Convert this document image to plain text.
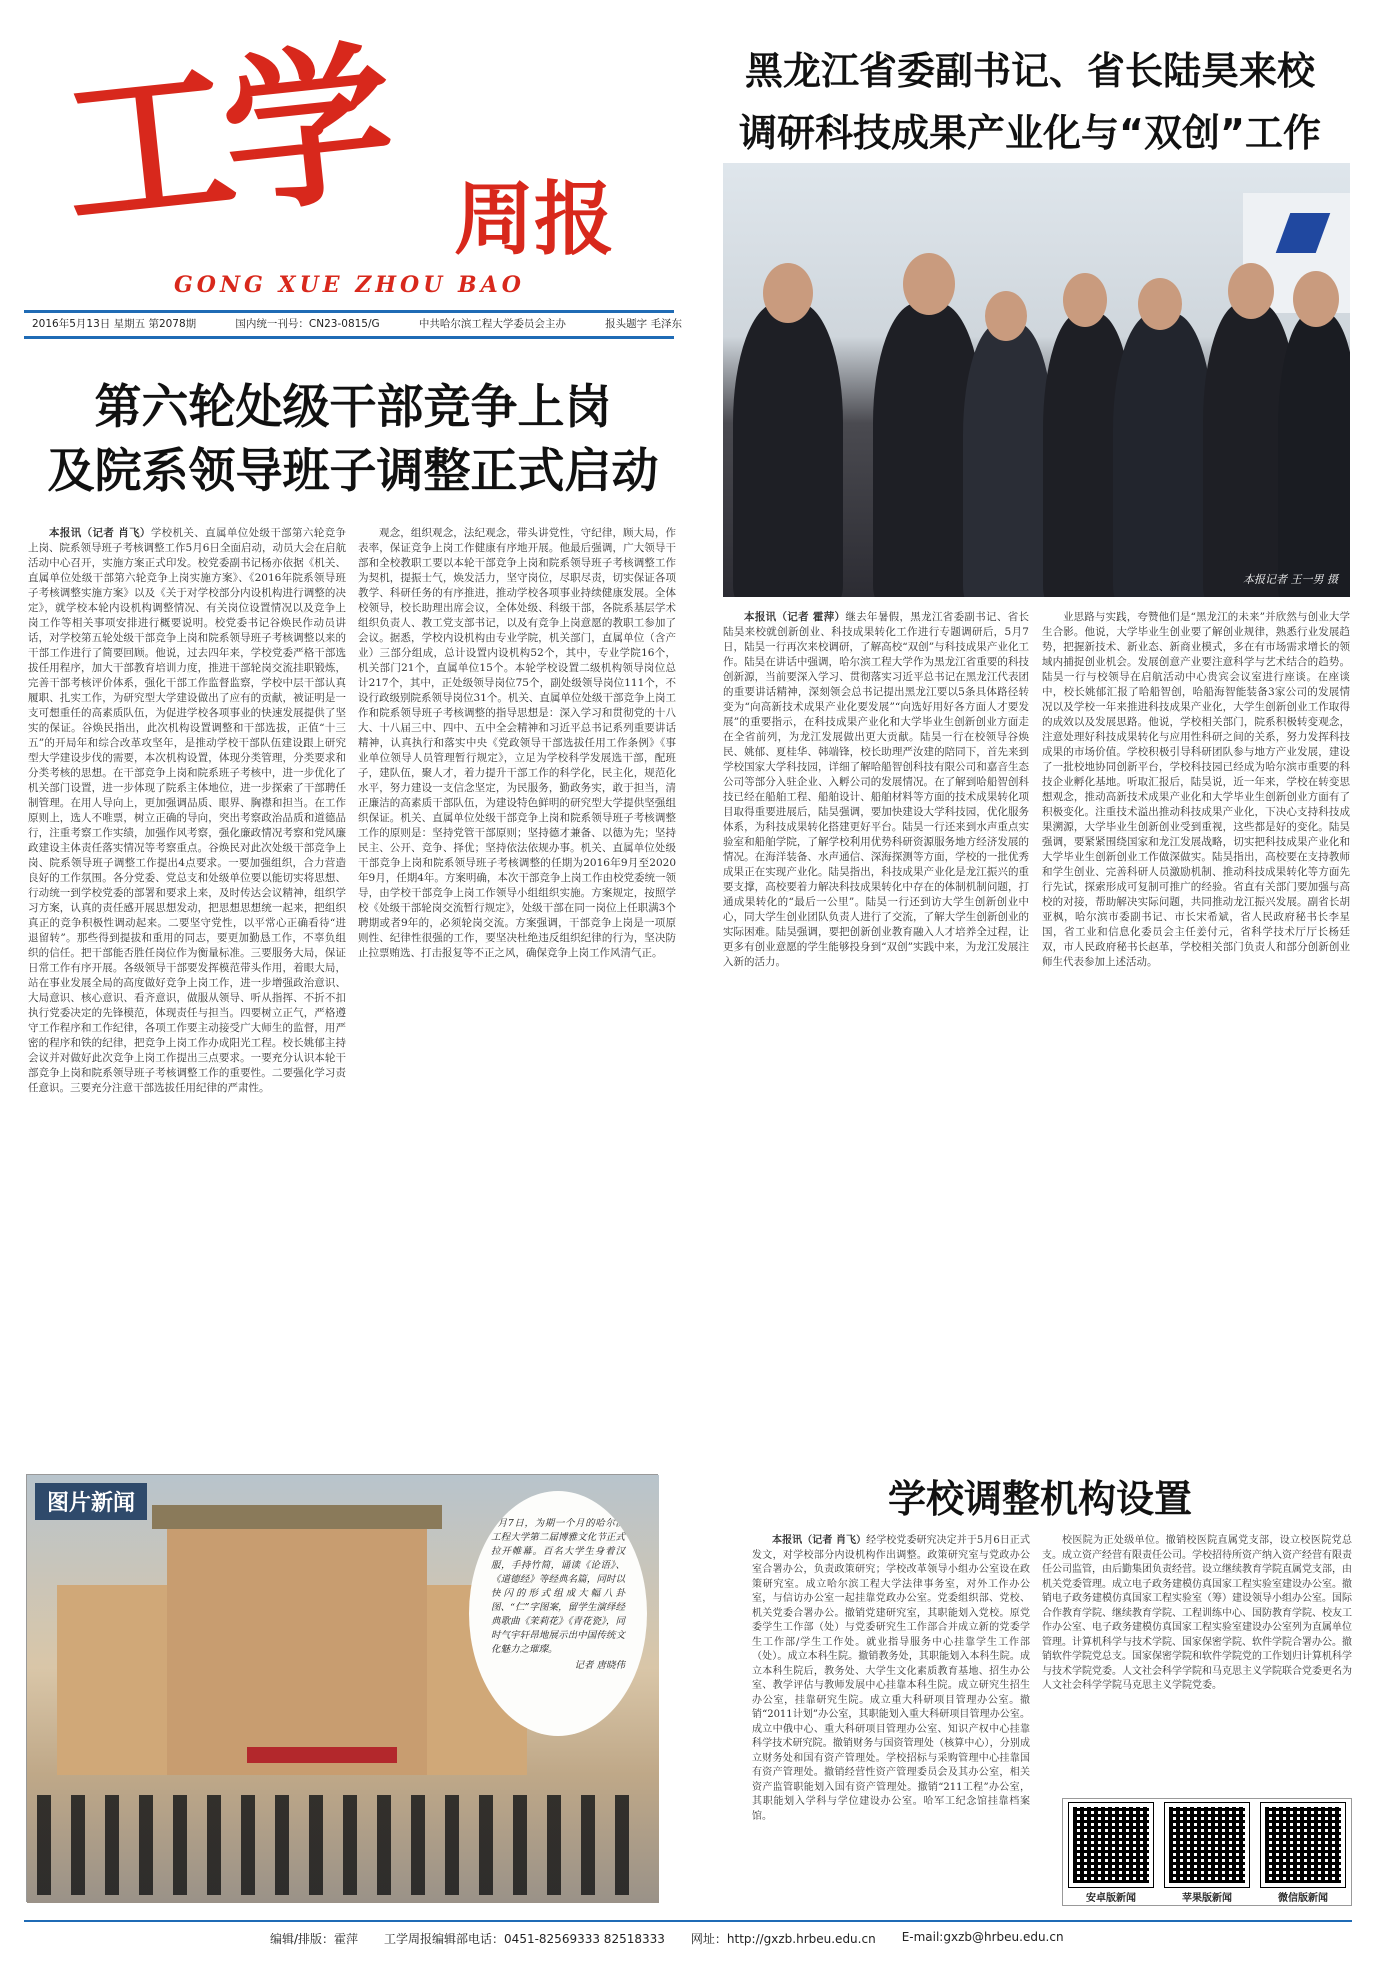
工学 周报
GONG XUE ZHOU BAO
2016年5月13日 星期五 第2078期	国内统一刊号：CN23-0815/G	中共哈尔滨工程大学委员会主办	报头题字 毛泽东
第六轮处级干部竞争上岗
及院系领导班子调整正式启动

本报讯（记者 肖飞）学校机关、直属单位处级干部第六轮竞争上岗、院系领导班子考核调整工作5月6日全面启动，动员大会在启航活动中心召开，实施方案正式印发。校党委副书记杨亦依据《机关、直属单位处级干部第六轮竞争上岗实施方案》、《2016年院系领导班子考核调整实施方案》以及《关于对学校部分内设机构进行调整的决定》，就学校本轮内设机构调整情况、有关岗位设置情况以及竞争上岗工作等相关事项安排进行概要说明。校党委书记谷焕民作动员讲话，对学校第五轮处级干部竞争上岗和院系领导班子考核调整以来的干部工作进行了简要回顾。他说，过去四年来，学校党委严格干部选拔任用程序，加大干部教育培训力度，推进干部轮岗交流挂职锻炼，完善干部考核评价体系，强化干部工作监督监察，学校中层干部认真履职、扎实工作，为研究型大学建设做出了应有的贡献，被证明是一支可想重任的高素质队伍，为促进学校各项事业的快速发展提供了坚实的保证。谷焕民指出，此次机构设置调整和干部选拔，正值“十三五”的开局年和综合改革攻坚年，是推动学校干部队伍建设跟上研究型大学建设步伐的需要，本次机构设置，体现分类管理，分类要求和分类考核的思想。在干部竞争上岗和院系班子考核中，进一步优化了机关部门设置，进一步体现了院系主体地位，进一步探索了干部聘任制管理。在用人导向上，更加强调品质、眼界、胸襟和担当。在工作原则上，选人不唯票，树立正确的导向，突出考察政治品质和道德品行，注重考察工作实绩，加强作风考察，强化廉政情况考察和党风廉政建设主体责任落实情况等考察重点。谷焕民对此次处级干部竞争上岗、院系领导班子调整工作提出4点要求。一要加强组织，合力营造良好的工作氛围。各分党委、党总支和处级单位要以能切实将思想、行动统一到学校党委的部署和要求上来，及时传达会议精神，组织学习方案，认真的责任感开展思想发动，把思想思想统一起来，把组织真正的竞争积极性调动起来。二要坚守党性，以平常心正确看待“进退留转”。那些得到提拔和重用的同志，要更加勤恳工作，不辜负组织的信任。把干部能否胜任岗位作为衡量标准。三要服务大局，保证日常工作有序开展。各级领导干部要发挥模范带头作用，着眼大局，站在事业发展全局的高度做好竞争上岗工作，进一步增强政治意识、大局意识、核心意识、看齐意识，做服从领导、听从指挥、不折不扣执行党委决定的先锋模范，体现责任与担当。四要树立正气，严格遵守工作程序和工作纪律，各项工作要主动接受广大师生的监督，用严密的程序和铁的纪律，把竞争上岗工作办成阳光工程。校长姚郁主持会议并对做好此次竞争上岗工作提出三点要求。一要充分认识本轮干部竞争上岗和院系领导班子考核调整工作的重要性。二要强化学习责任意识。三要充分注意干部选拔任用纪律的严肃性。

观念，组织观念，法纪观念，带头讲党性，守纪律，顾大局，作表率，保证竞争上岗工作健康有序地开展。他最后强调，广大领导干部和全校教职工要以本轮干部竞争上岗和院系领导班子考核调整工作为契机，提振士气，焕发活力，坚守岗位，尽职尽责，切实保证各项教学、科研任务的有序推进，推动学校各项事业持续健康发展。全体校领导，校长助理出席会议，全体处级、科级干部，各院系基层学术组织负责人、教工党支部书记，以及有竞争上岗意愿的教职工参加了会议。据悉，学校内设机构由专业学院，机关部门，直属单位（含产业）三部分组成，总计设置内设机构52个，其中，专业学院16个，机关部门21个，直属单位15个。本轮学校设置二级机构领导岗位总计217个，其中，正处级领导岗位75个，副处级领导岗位111个，不设行政级别院系领导岗位31个。机关、直属单位处级干部竞争上岗工作和院系领导班子考核调整的指导思想是：深入学习和贯彻党的十八大、十八届三中、四中、五中全会精神和习近平总书记系列重要讲话精神，认真执行和落实中央《党政领导干部选拔任用工作条例》《事业单位领导人员管理暂行规定》，立足为学校科学发展选干部，配班子，建队伍，聚人才，着力提升干部工作的科学化，民主化，规范化水平，努力建设一支信念坚定，为民服务，勤政务实，敢于担当，清正廉洁的高素质干部队伍，为建设特色鲜明的研究型大学提供坚强组织保证。机关、直属单位处级干部竞争上岗和院系领导班子考核调整工作的原则是：坚持党管干部原则；坚持德才兼备、以德为先；坚持民主、公开、竞争、择优；坚持依法依规办事。机关、直属单位处级干部竞争上岗和院系领导班子考核调整的任期为2016年9月至2020年9月，任期4年。方案明确，本次干部竞争上岗工作由校党委统一领导，由学校干部竞争上岗工作领导小组组织实施。方案规定，按照学校《处级干部轮岗交流暂行规定》，处级干部在同一岗位上任职满3个聘期或者9年的，必须轮岗交流。方案强调，干部竞争上岗是一项原则性、纪律性很强的工作，要坚决杜绝违反组织纪律的行为，坚决防止拉票贿选、打击报复等不正之风，确保竞争上岗工作风清气正。

黑龙江省委副书记、省长陆昊来校
调研科技成果产业化与“双创”工作
本报记者 王一男 摄

本报讯（记者 霍萍）继去年暑假，黑龙江省委副书记、省长陆昊来校就创新创业、科技成果转化工作进行专题调研后，5月7日，陆昊一行再次来校调研，了解高校“双创”与科技成果产业化工作。陆昊在讲话中强调，哈尔滨工程大学作为黑龙江省重要的科技创新源，当前要深入学习、贯彻落实习近平总书记在黑龙江代表团的重要讲话精神，深刻领会总书记提出黑龙江要以5条具体路径转变为“向高新技术成果产业化要发展”“向选好用好各方面人才要发展”的重要指示，在科技成果产业化和大学毕业生创新创业方面走在全省前列，为龙江发展做出更大贡献。陆昊一行在校领导谷焕民、姚郁、夏桂华、韩端锋，校长助理严汝建的陪同下，首先来到学校国家大学科技园，详细了解哈船智创科技有限公司和嘉音生态公司等部分入驻企业、入孵公司的发展情况。在了解到哈船智创科技已经在船舶工程、船舶设计、船舶材料等方面的技术成果转化项目取得重要进展后，陆昊强调，要加快建设大学科技园，优化服务体系，为科技成果转化搭建更好平台。陆昊一行还来到水声重点实验室和船舶学院，了解学校利用优势科研资源服务地方经济发展的情况。在海洋装备、水声通信、深海探测等方面，学校的一批优秀成果正在实现产业化。陆昊指出，科技成果产业化是龙江振兴的重要支撑，高校要着力解决科技成果转化中存在的体制机制问题，打通成果转化的“最后一公里”。陆昊一行还到访大学生创新创业中心，同大学生创业团队负责人进行了交流，了解大学生创新创业的实际困难。陆昊强调，要把创新创业教育融入人才培养全过程，让更多有创业意愿的学生能够投身到“双创”实践中来，为龙江发展注入新的活力。

业思路与实践，夸赞他们是“黑龙江的未来”并欣然与创业大学生合影。他说，大学毕业生创业要了解创业规律，熟悉行业发展趋势，把握新技术、新业态、新商业模式，多在有市场需求增长的领域内捕捉创业机会。发展创意产业要注意科学与艺术结合的趋势。陆昊一行与校领导在启航活动中心贵宾会议室进行座谈。在座谈中，校长姚郁汇报了哈船智创，哈船海智能装备3家公司的发展情况以及学校一年来推进科技成果产业化，大学生创新创业工作取得的成效以及发展思路。他说，学校相关部门，院系积极转变观念，注意处理好科技成果转化与应用性科研之间的关系，努力发挥科技成果的市场价值。学校积极引导科研团队参与地方产业发展，建设了一批校地协同创新平台，学校科技园已经成为哈尔滨市重要的科技企业孵化基地。听取汇报后，陆昊说，近一年来，学校在转变思想观念，推动高新技术成果产业化和大学毕业生创新创业方面有了积极变化。注重技术溢出推动科技成果产业化，下决心支持科技成果溯源，大学毕业生创新创业受到重视，这些都是好的变化。陆昊强调，要紧紧围绕国家和龙江发展战略，切实把科技成果产业化和大学毕业生创新创业工作做深做实。陆昊指出，高校要在支持教师和学生创业、完善科研人员激励机制、推动科技成果转化等方面先行先试，探索形成可复制可推广的经验。省直有关部门要加强与高校的对接，帮助解决实际问题，共同推动龙江振兴发展。副省长胡亚枫，哈尔滨市委副书记、市长宋希斌，省人民政府秘书长李星国，省工业和信息化委员会主任姜付元，省科学技术厅厅长杨廷双，市人民政府秘书长赵革，学校相关部门负责人和部分创新创业师生代表参加上述活动。

图片新闻
5月7日，为期一个月的哈尔滨工程大学第二届博雅文化节正式拉开帷幕。百名大学生身着汉服，手持竹简，诵读《论语》、《道德经》等经典名篇，同时以快闪的形式组成大幅八卦图、“仁”字图案，留学生演绎经典歌曲《茉莉花》《青花瓷》，同时气宇轩昂地展示出中国传统文化魅力之璀璨。
记者 唐晓伟
学校调整机构设置

本报讯（记者 肖飞）经学校党委研究决定并于5月6日正式发文，对学校部分内设机构作出调整。政策研究室与党政办公室合署办公，负责政策研究；学校改革领导小组办公室设在政策研究室。成立哈尔滨工程大学法律事务室，对外工作办公室，与信访办公室一起挂靠党政办公室。党委组织部、党校、机关党委合署办公。撤销党建研究室，其职能划入党校。原党委学生工作部（处）与党委研究生工作部合并成立新的党委学生工作部/学生工作处。就业指导服务中心挂靠学生工作部（处）。成立本科生院。撤销教务处，其职能划入本科生院。成立本科生院后，教务处、大学生文化素质教育基地、招生办公室、教学评估与教师发展中心挂靠本科生院。成立研究生招生办公室，挂靠研究生院。成立重大科研项目管理办公室。撤销“2011计划”办公室，其职能划入重大科研项目管理办公室。成立中俄中心、重大科研项目管理办公室、知识产权中心挂靠科学技术研究院。撤销财务与国资管理处（核算中心），分别成立财务处和国有资产管理处。学校招标与采购管理中心挂靠国有资产管理处。撤销经营性资产管理委员会及其办公室，相关资产监管职能划入国有资产管理处。撤销“211工程”办公室，其职能划入学科与学位建设办公室。哈军工纪念馆挂靠档案馆。

校医院为正处级单位。撤销校医院直属党支部，设立校医院党总支。成立资产经营有限责任公司。学校招待所资产纳入资产经营有限责任公司监管，由后勤集团负责经营。设立继续教育学院直属党支部，由机关党委管理。成立电子政务建模仿真国家工程实验室建设办公室。撤销电子政务建模仿真国家工程实验室（筹）建设领导小组办公室。国际合作教育学院、继续教育学院、工程训练中心、国防教育学院、校友工作办公室、电子政务建模仿真国家工程实验室建设办公室列为直属单位管理。计算机科学与技术学院、国家保密学院、软件学院合署办公。撤销软件学院党总支。国家保密学院和软件学院党的工作划归计算机科学与技术学院党委。人文社会科学学院和马克思主义学院联合党委更名为人文社会科学学院马克思主义学院党委。

安卓版新闻	苹果版新闻	微信版新闻
编辑/排版：霍萍 工学周报编辑部电话：0451-82569333 82518333 网址：http://gxzb.hrbeu.edu.cn E-mail:gxzb@hrbeu.edu.cn
